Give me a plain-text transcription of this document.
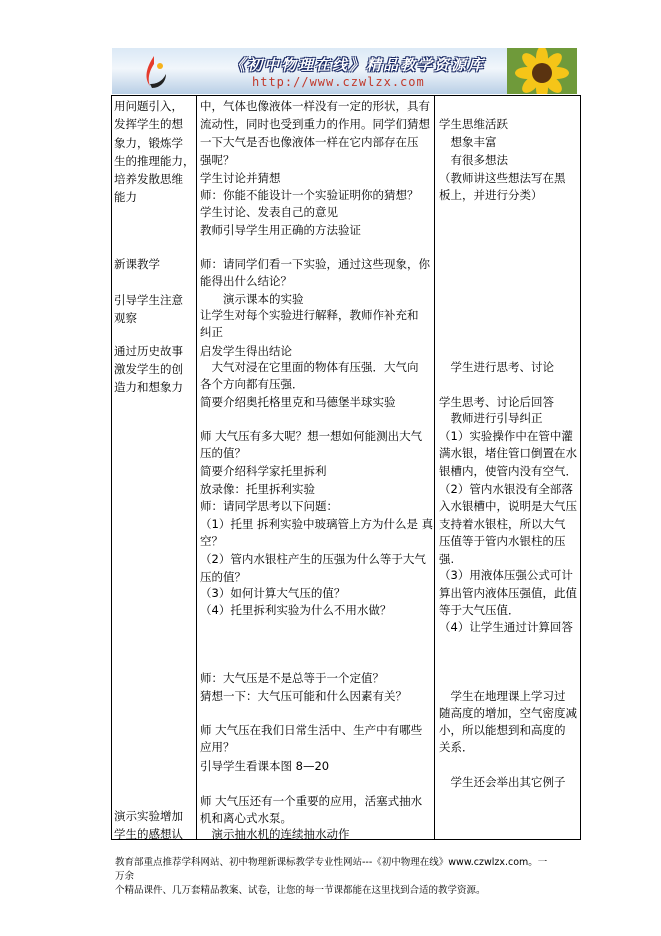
《初中物理在线》精品教学资源库
http://www.czwlzx.com
用问题引入，
发挥学生的想
象力，锻炼学
生的推理能力，
培养发散思维
能力
新课教学
引导学生注意
观察
通过历史故事
激发学生的创
造力和想象力
演示实验增加
学生的感想认
中，气体也像液体一样没有一定的形状，具有
流动性，同时也受到重力的作用。同学们猜想
一下大气是否也像液体一样在它内部存在压
强呢？
学生讨论并猜想
师：你能不能设计一个实验证明你的猜想？
学生讨论、发表自己的意见
教师引导学生用正确的方法验证
师：请同学们看一下实验，通过这些现象，你
能得出什么结论？
　　演示课本的实验
让学生对每个实验进行解释，教师作补充和
纠正
启发学生得出结论
　大气对浸在它里面的物体有压强．大气向
各个方向都有压强．
简要介绍奥托格里克和马德堡半球实验
师 大气压有多大呢？想一想如何能测出大气
压的值？
简要介绍科学家托里拆利
放录像：托里拆利实验
师：请同学思考以下问题：
（1）托里 拆利实验中玻璃管上方为什么是 真
空？
（2）管内水银柱产生的压强为什么等于大气
压的值？
（3）如何计算大气压的值？
（4）托里拆利实验为什么不用水做？
师：大气压是不是总等于一个定值？
猜想一下：大气压可能和什么因素有关？
师 大气压在我们日常生活中、生产中有哪些
应用？
引导学生看课本图 8—20
师 大气压还有一个重要的应用，活塞式抽水
机和离心式水泵。
　演示抽水机的连续抽水动作
学生思维活跃
　想象丰富
　有很多想法
（教师讲这些想法写在黑
板上，并进行分类）
　学生进行思考、讨论
学生思考、讨论后回答
　教师进行引导纠正
（1）实验操作中在管中灌
满水银，堵住管口倒置在水
银槽内，使管内没有空气．
（2）管内水银没有全部落
入水银槽中，说明是大气压
支持着水银柱，所以大气
压值等于管内水银柱的压
强.
（3）用液体压强公式可计
算出管内液体压强值，此值
等于大气压值．
（4）让学生通过计算回答
　学生在地理课上学习过
随高度的增加，空气密度减
小，所以能想到和高度的
关系．
　学生还会举出其它例子
教育部重点推荐学科网站、初中物理新课标教学专业性网站---《初中物理在线》www.czwlzx.com。一万余
个精品课件、几万套精品教案、试卷，让您的每一节课都能在这里找到合适的教学资源。
